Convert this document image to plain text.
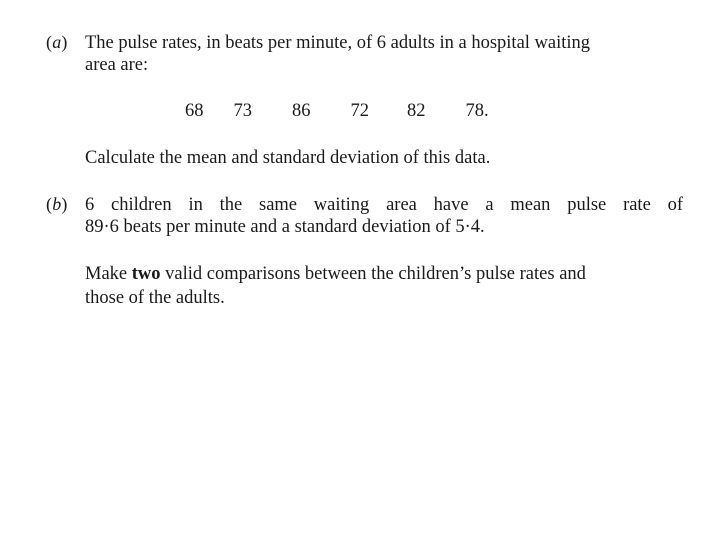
(a) The pulse rates, in beats per minute, of 6 adults in a hospital waiting
area are:
68 73 86 72 82 78.
Calculate the mean and standard deviation of this data.
(b) 6 children in the same waiting area have a mean pulse rate of
89·6 beats per minute and a standard deviation of 5·4.
Make two valid comparisons between the children’s pulse rates and
those of the adults.
